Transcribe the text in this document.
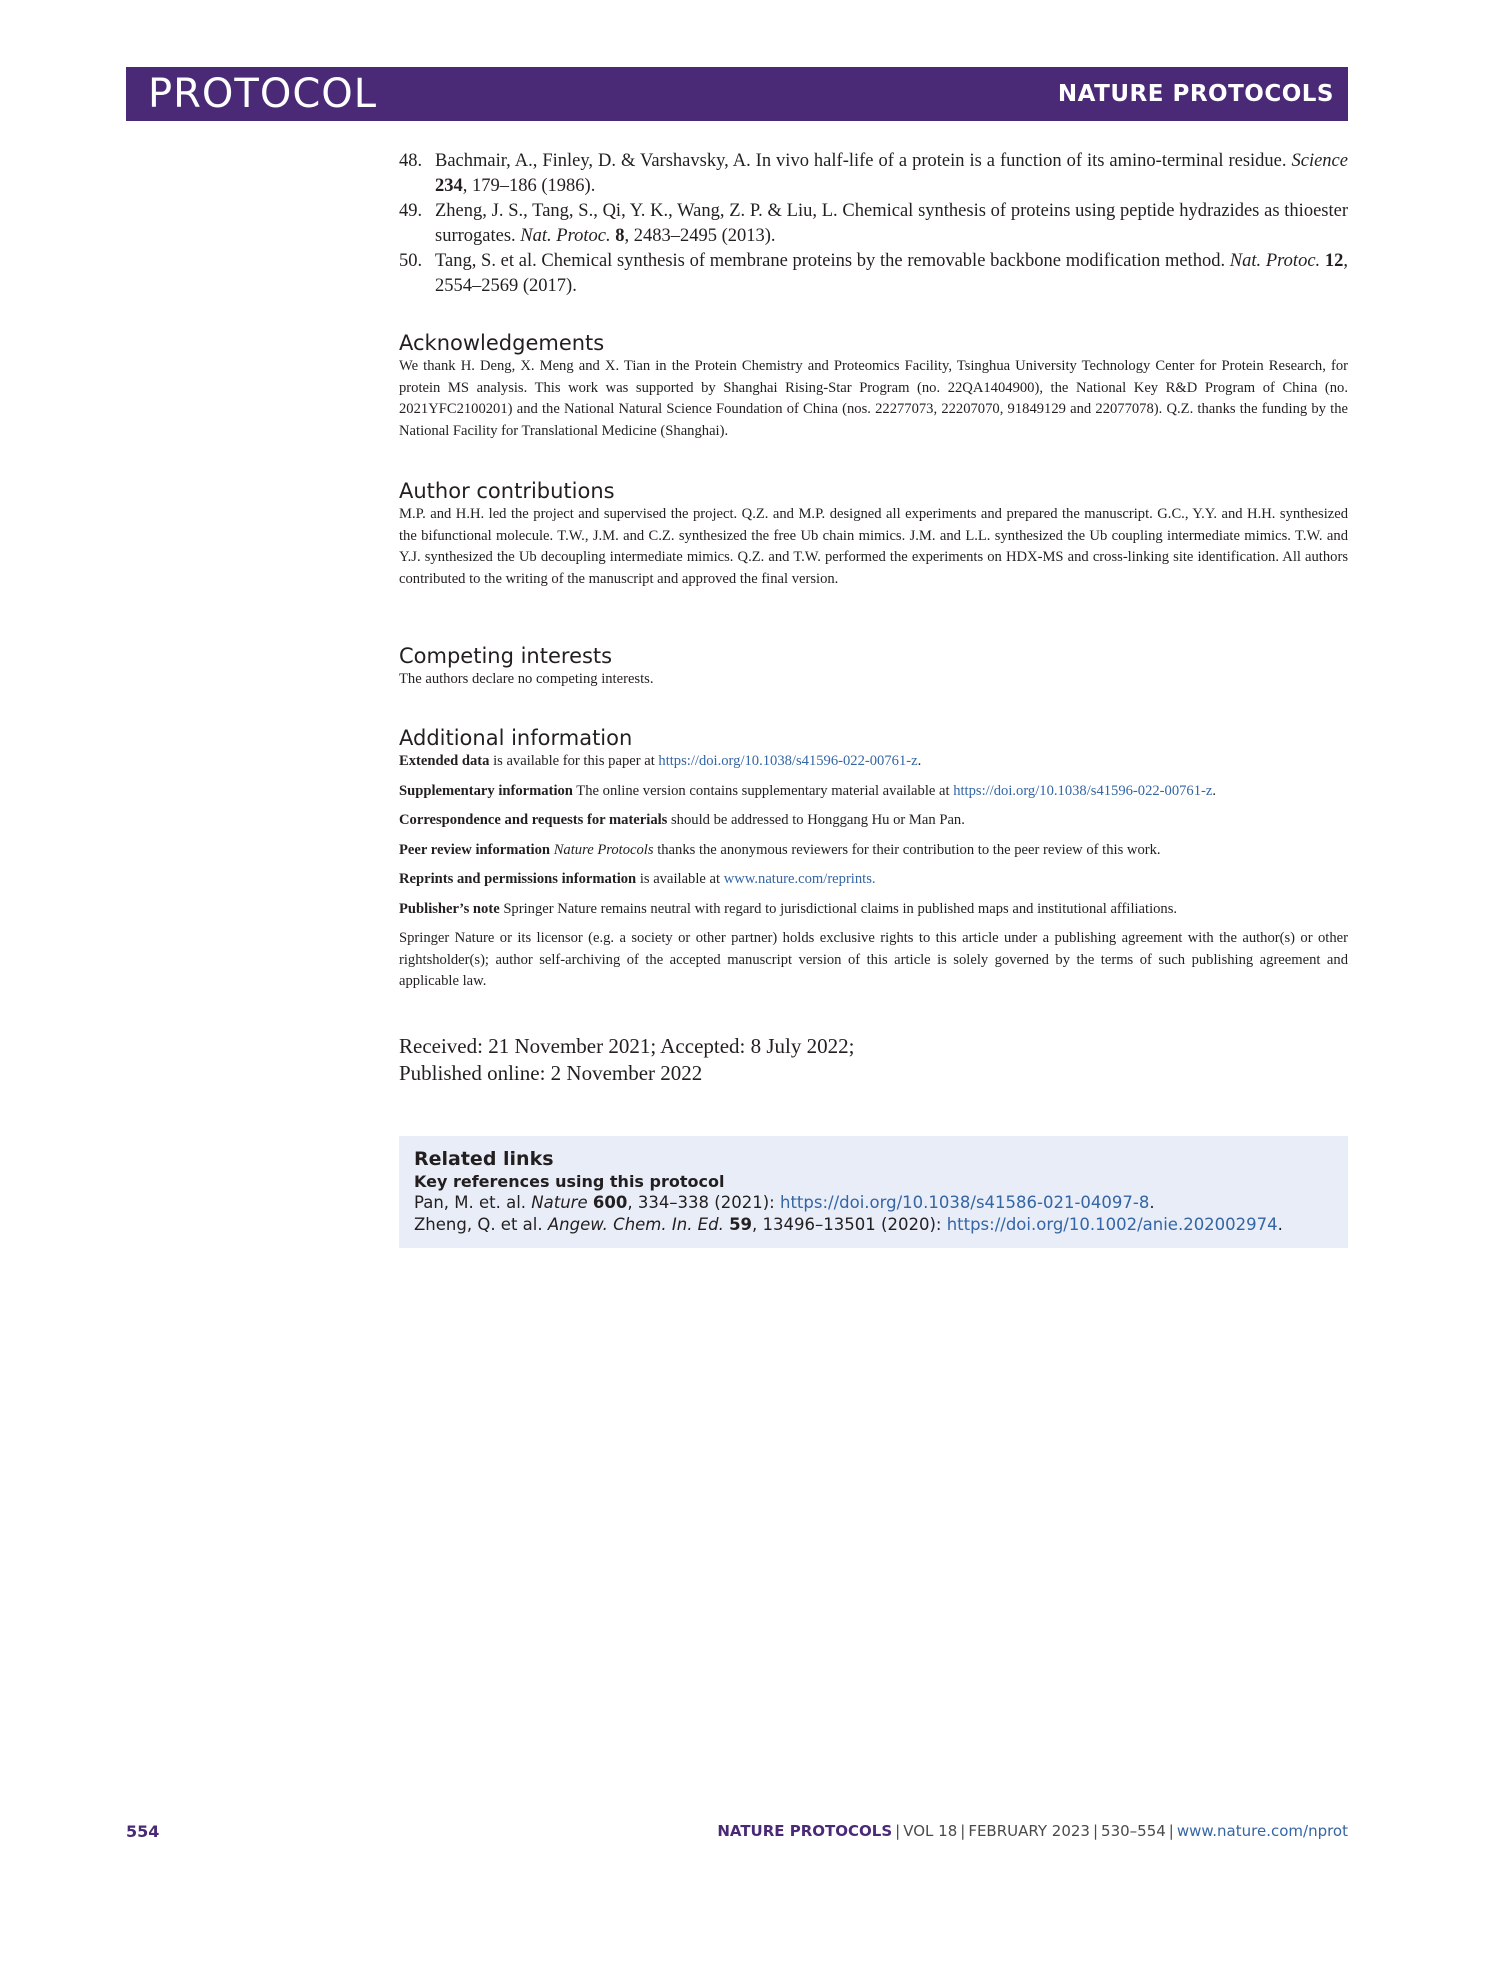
PROTOCOL	NATURE PROTOCOLS
48. Bachmair, A., Finley, D. & Varshavsky, A. In vivo half-life of a protein is a function of its amino-terminal residue. Science 234, 179–186 (1986).
49. Zheng, J. S., Tang, S., Qi, Y. K., Wang, Z. P. & Liu, L. Chemical synthesis of proteins using peptide hydrazides as thioester surrogates. Nat. Protoc. 8, 2483–2495 (2013).
50. Tang, S. et al. Chemical synthesis of membrane proteins by the removable backbone modification method. Nat. Protoc. 12, 2554–2569 (2017).
Acknowledgements

We thank H. Deng, X. Meng and X. Tian in the Protein Chemistry and Proteomics Facility, Tsinghua University Technology Center for Protein Research, for protein MS analysis. This work was supported by Shanghai Rising-Star Program (no. 22QA1404900), the National Key R&D Program of China (no. 2021YFC2100201) and the National Natural Science Foundation of China (nos. 22277073, 22207070, 91849129 and 22077078). Q.Z. thanks the funding by the National Facility for Translational Medicine (Shanghai).

Author contributions

M.P. and H.H. led the project and supervised the project. Q.Z. and M.P. designed all experiments and prepared the manuscript. G.C., Y.Y. and H.H. synthesized the bifunctional molecule. T.W., J.M. and C.Z. synthesized the free Ub chain mimics. J.M. and L.L. synthesized the Ub coupling intermediate mimics. T.W. and Y.J. synthesized the Ub decoupling intermediate mimics. Q.Z. and T.W. performed the experiments on HDX-MS and cross-linking site identification. All authors contributed to the writing of the manuscript and approved the final version.

Competing interests

The authors declare no competing interests.

Additional information

Extended data is available for this paper at https://doi.org/10.1038/s41596-022-00761-z.

Supplementary information The online version contains supplementary material available at https://doi.org/10.1038/s41596-022-00761-z.

Correspondence and requests for materials should be addressed to Honggang Hu or Man Pan.

Peer review information Nature Protocols thanks the anonymous reviewers for their contribution to the peer review of this work.

Reprints and permissions information is available at www.nature.com/reprints.

Publisher’s note Springer Nature remains neutral with regard to jurisdictional claims in published maps and institutional affiliations.

Springer Nature or its licensor (e.g. a society or other partner) holds exclusive rights to this article under a publishing agreement with the author(s) or other rightsholder(s); author self-archiving of the accepted manuscript version of this article is solely governed by the terms of such publishing agreement and applicable law.

Received: 21 November 2021; Accepted: 8 July 2022;
Published online: 2 November 2022
Related links
Key references using this protocol
Pan, M. et. al. Nature 600, 334–338 (2021): https://doi.org/10.1038/s41586-021-04097-8.
Zheng, Q. et al. Angew. Chem. In. Ed. 59, 13496–13501 (2020): https://doi.org/10.1002/anie.202002974.
554	NATURE PROTOCOLS | VOL 18 | FEBRUARY 2023 | 530–554 | www.nature.com/nprot
